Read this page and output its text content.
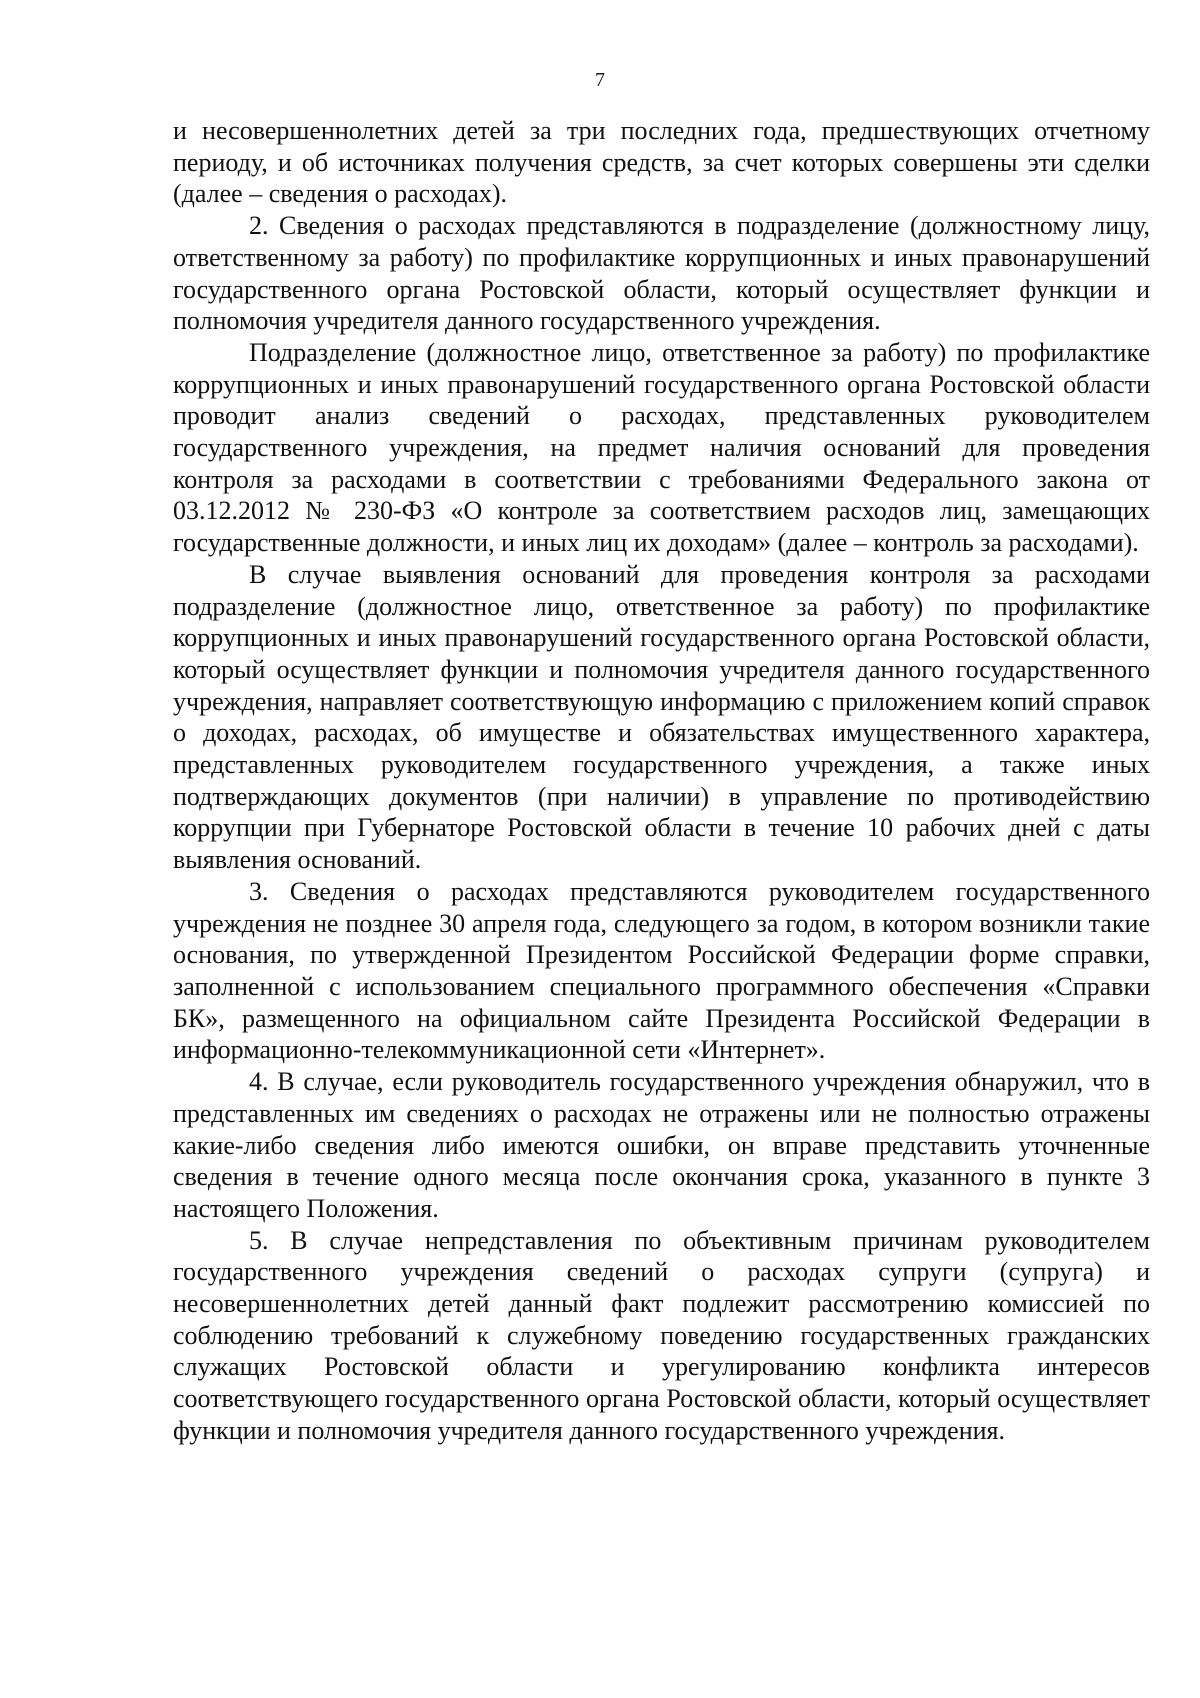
7

и несовершеннолетних детей за три последних года, предшествующих отчетному периоду, и об источниках получения средств, за счет которых совершены эти сделки (далее – сведения о расходах).

2. Сведения о расходах представляются в подразделение (должностному лицу, ответственному за работу) по профилактике коррупционных и иных правонарушений государственного органа Ростовской области, который осуществляет функции и полномочия учредителя данного государственного учреждения.

Подразделение (должностное лицо, ответственное за работу) по профилактике коррупционных и иных правонарушений государственного органа Ростовской области проводит анализ сведений о расходах, представленных руководителем государственного учреждения, на предмет наличия оснований для проведения контроля за расходами в соответствии с требованиями Федерального закона от 03.12.2012 № 230-ФЗ «О контроле за соответствием расходов лиц, замещающих государственные должности, и иных лиц их доходам» (далее – контроль за расходами).

В случае выявления оснований для проведения контроля за расходами подразделение (должностное лицо, ответственное за работу) по профилактике коррупционных и иных правонарушений государственного органа Ростовской области, который осуществляет функции и полномочия учредителя данного государственного учреждения, направляет соответствующую информацию с приложением копий справок о доходах, расходах, об имуществе и обязательствах имущественного характера, представленных руководителем государственного учреждения, а также иных подтверждающих документов (при наличии) в управление по противодействию коррупции при Губернаторе Ростовской области в течение 10 рабочих дней с даты выявления оснований.

3. Сведения о расходах представляются руководителем государственного учреждения не позднее 30 апреля года, следующего за годом, в котором возникли такие основания, по утвержденной Президентом Российской Федерации форме справки, заполненной с использованием специального программного обеспечения «Справки БК», размещенного на официальном сайте Президента Российской Федерации в информационно-телекоммуникационной сети «Интернет».

4. В случае, если руководитель государственного учреждения обнаружил, что в представленных им сведениях о расходах не отражены или не полностью отражены какие-либо сведения либо имеются ошибки, он вправе представить уточненные сведения в течение одного месяца после окончания срока, указанного в пункте 3 настоящего Положения.

5. В случае непредставления по объективным причинам руководителем государственного учреждения сведений о расходах супруги (супруга) и несовершеннолетних детей данный факт подлежит рассмотрению комиссией по соблюдению требований к служебному поведению государственных гражданских служащих Ростовской области и урегулированию конфликта интересов соответствующего государственного органа Ростовской области, который осуществляет функции и полномочия учредителя данного государственного учреждения.
